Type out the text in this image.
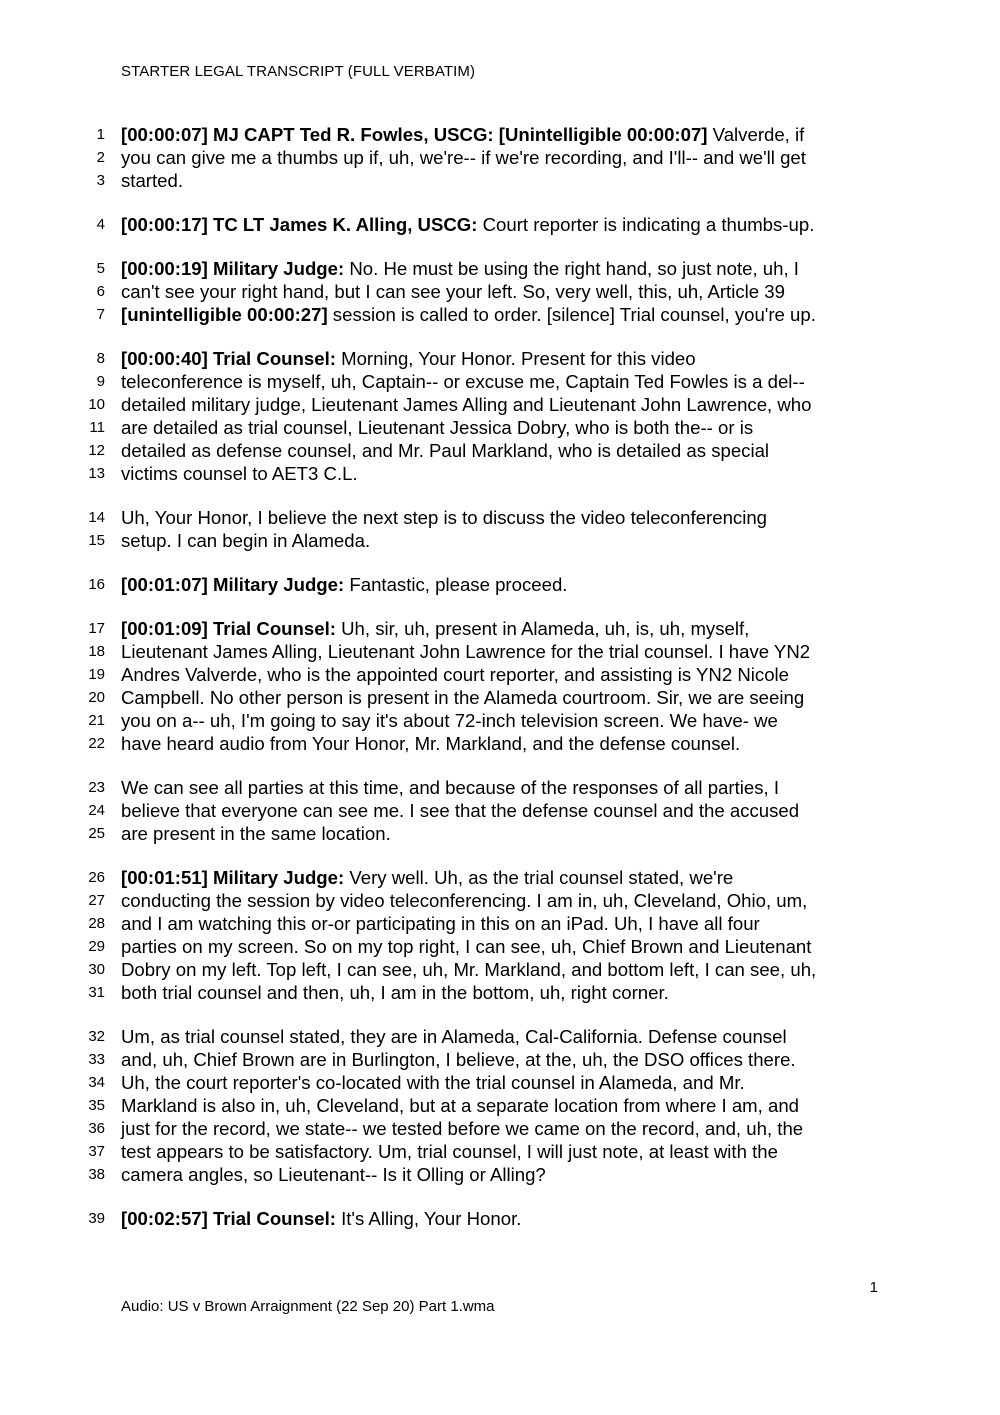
STARTER LEGAL TRANSCRIPT (FULL VERBATIM)
1 [00:00:07] MJ CAPT Ted R. Fowles, USCG: [Unintelligible 00:00:07] Valverde, if
2 you can give me a thumbs up if, uh, we're-- if we're recording, and I'll-- and we'll get
3 started.
4 [00:00:17] TC LT James K. Alling, USCG: Court reporter is indicating a thumbs-up.
5 [00:00:19] Military Judge: No. He must be using the right hand, so just note, uh, I
6 can't see your right hand, but I can see your left. So, very well, this, uh, Article 39
7 [unintelligible 00:00:27] session is called to order. [silence] Trial counsel, you're up.
8 [00:00:40] Trial Counsel: Morning, Your Honor. Present for this video
9 teleconference is myself, uh, Captain-- or excuse me, Captain Ted Fowles is a del--
10 detailed military judge, Lieutenant James Alling and Lieutenant John Lawrence, who
11 are detailed as trial counsel, Lieutenant Jessica Dobry, who is both the-- or is
12 detailed as defense counsel, and Mr. Paul Markland, who is detailed as special
13 victims counsel to AET3 C.L.
14 Uh, Your Honor, I believe the next step is to discuss the video teleconferencing
15 setup. I can begin in Alameda.
16 [00:01:07] Military Judge: Fantastic, please proceed.
17 [00:01:09] Trial Counsel: Uh, sir, uh, present in Alameda, uh, is, uh, myself,
18 Lieutenant James Alling, Lieutenant John Lawrence for the trial counsel. I have YN2
19 Andres Valverde, who is the appointed court reporter, and assisting is YN2 Nicole
20 Campbell. No other person is present in the Alameda courtroom. Sir, we are seeing
21 you on a-- uh, I'm going to say it's about 72-inch television screen. We have- we
22 have heard audio from Your Honor, Mr. Markland, and the defense counsel.
23 We can see all parties at this time, and because of the responses of all parties, I
24 believe that everyone can see me. I see that the defense counsel and the accused
25 are present in the same location.
26 [00:01:51] Military Judge: Very well. Uh, as the trial counsel stated, we're
27 conducting the session by video teleconferencing. I am in, uh, Cleveland, Ohio, um,
28 and I am watching this or-or participating in this on an iPad. Uh, I have all four
29 parties on my screen. So on my top right, I can see, uh, Chief Brown and Lieutenant
30 Dobry on my left. Top left, I can see, uh, Mr. Markland, and bottom left, I can see, uh,
31 both trial counsel and then, uh, I am in the bottom, uh, right corner.
32 Um, as trial counsel stated, they are in Alameda, Cal-California. Defense counsel
33 and, uh, Chief Brown are in Burlington, I believe, at the, uh, the DSO offices there.
34 Uh, the court reporter's co-located with the trial counsel in Alameda, and Mr.
35 Markland is also in, uh, Cleveland, but at a separate location from where I am, and
36 just for the record, we state-- we tested before we came on the record, and, uh, the
37 test appears to be satisfactory. Um, trial counsel, I will just note, at least with the
38 camera angles, so Lieutenant-- Is it Olling or Alling?
39 [00:02:57] Trial Counsel: It's Alling, Your Honor.
1
Audio: US v Brown Arraignment (22 Sep 20) Part 1.wma
